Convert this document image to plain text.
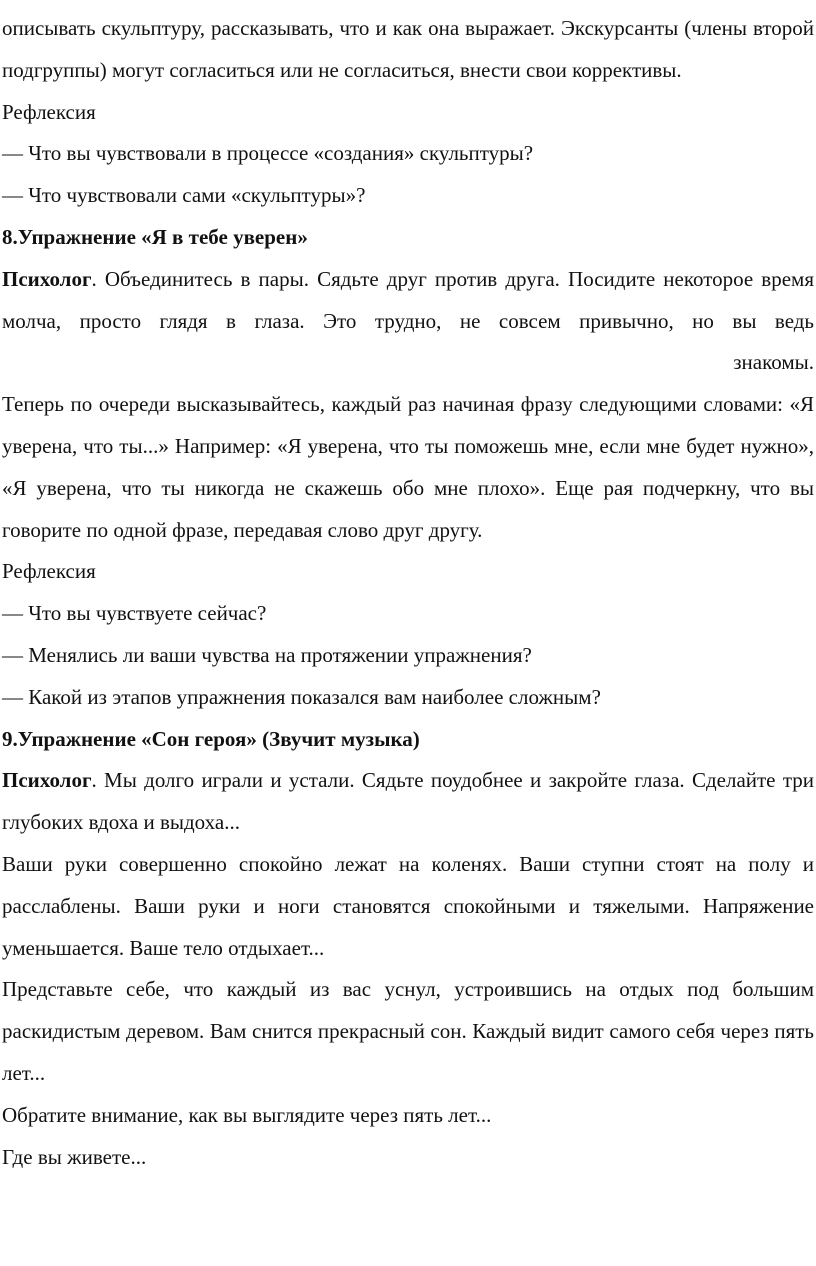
описывать скульптуру, рассказывать, что и как она выражает. Экскурсанты (члены второй подгруппы) могут согласиться или не согласиться, внести свои коррективы.

Рефлексия

— Что вы чувствовали в процессе «создания» скульптуры?

— Что чувствовали сами «скульптуры»?

8.Упражнение «Я в тебе уверен»

Психолог. Объединитесь в пары. Сядьте друг против друга. Посидите некоторое время молча, просто глядя в глаза. Это трудно, не совсем привычно, но вы ведь

знакомы.

Теперь по очереди высказывайтесь, каждый раз начиная фразу следующими словами: «Я уверена, что ты...» Например: «Я уверена, что ты поможешь мне, если мне будет нужно», «Я уверена, что ты никогда не скажешь обо мне плохо». Еще рая подчеркну, что вы говорите по одной фразе, передавая слово друг другу.

Рефлексия

— Что вы чувствуете сейчас?

— Менялись ли ваши чувства на протяжении упражнения?

— Какой из этапов упражнения показался вам наиболее сложным?

9.Упражнение «Сон героя» (Звучит музыка)

Психолог. Мы долго играли и устали. Сядьте поудобнее и закройте глаза. Сделайте три глубоких вдоха и выдоха...

Ваши руки совершенно спокойно лежат на коленях. Ваши ступни стоят на полу и расслаблены. Ваши руки и ноги становятся спокойными и тяжелыми. Напряжение уменьшается. Ваше тело отдыхает...

Представьте себе, что каждый из вас уснул, устроившись на отдых под большим раскидистым деревом. Вам снится прекрасный сон. Каждый видит самого себя через пять лет...

Обратите внимание, как вы выглядите через пять лет...

Где вы живете...
